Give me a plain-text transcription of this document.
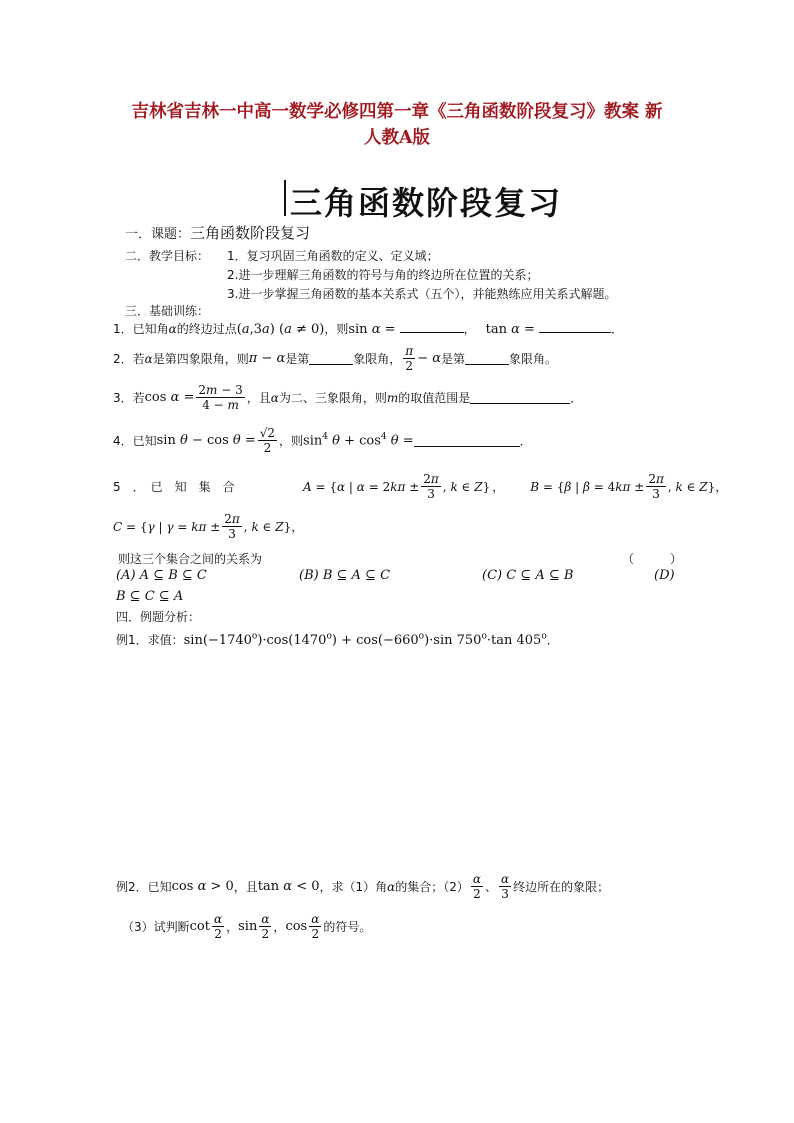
吉林省吉林一中高一数学必修四第一章《三角函数阶段复习》教案 新
人教A版
三角函数阶段复习
一．课题：三角函数阶段复习
二．教学目标： 1．复习巩固三角函数的定义、定义域；
2.进一步理解三角函数的符号与角的终边所在位置的关系；
3.进一步掌握三角函数的基本关系式（五个），并能熟练应用关系式解题。
三．基础训练：
1．已知角α的终边过点(a,3a) (a ≠ 0)，则sin α =	， tan α =	．
2．若 α 是第四象限角，则 π − α 是第	象限角， $\frac{\pi}{2} - \alpha$ 是第	象限角。
3．若 $\cos \alpha = \frac{2m - 3}{4 - m}$ ，且 α 为二、三象限角，则 m 的取值范围是	．
4．已知 $\sin \theta - \cos \theta = \frac{√2}{2}$ ，则 $\sin^4 \theta + \cos^4 \theta$ =	．
5　．　已　知　集　合	A = {α | $\alpha = 2k\pi \pm \frac{2\pi}{3}$ , k ∈ Z} ， B = {β | $\beta = 4k\pi \pm \frac{2\pi}{3}$ , k ∈ Z} ，
C = {γ | $\gamma = k\pi \pm \frac{2\pi}{3}$ , k ∈ Z} ，
则这三个集合之间的关系为	（　　　）
(A) A ⊆ B ⊆ C	(B) B ⊆ A ⊆ C	(C) C ⊆ A ⊆ B	(D)
B ⊆ C ⊆ A
四．例题分析：
例1．求值：$\sin(-1740^o)\cdot\cos(1470^o) + \cos(-660^o)\cdot\sin$ $750^o\cdot\tan$ 405$^o$．
例2．已知 cos α > 0 ，且 tan α < 0 ，求（1）角 α 的集合；$(2) \frac{\alpha}{2}$ 、 $\frac{\alpha}{3}$ 终边所在的象限；
（3）试判断 $\cot \frac{\alpha}{2}$ ， $\sin \frac{\alpha}{2}$ ， $\cos \frac{\alpha}{2}$ 的符号。
